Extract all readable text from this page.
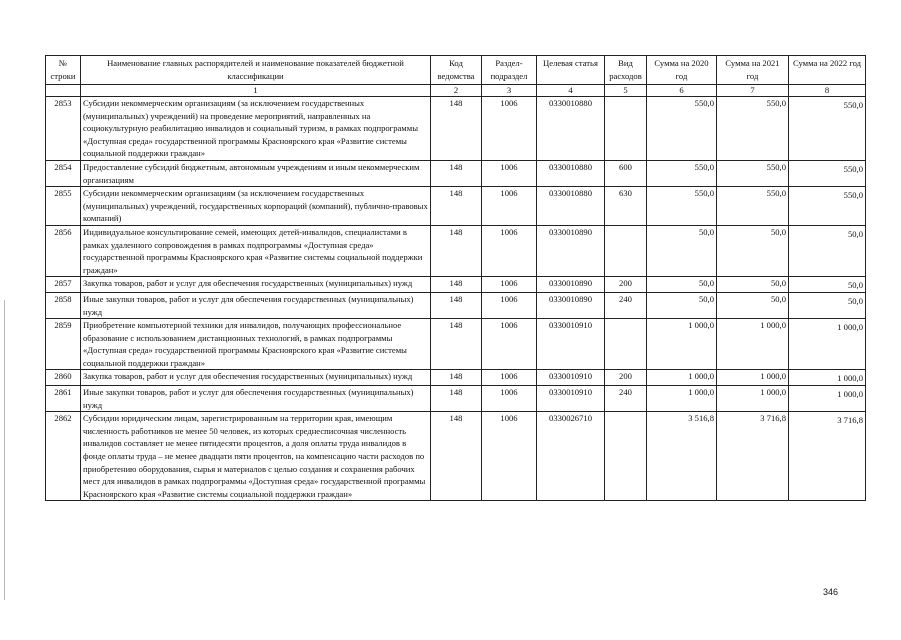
№ строки	Наименование главных распорядителей и наименование показателей бюджетной классификации	Код ведомства	Раздел-подраздел	Целевая статья	Вид расходов	Сумма на 2020 год	Сумма на 2021 год	Сумма на 2022 год
	1	2	3	4	5	6	7	8
2853	Субсидии некоммерческим организациям (за исключением государственных (муниципальных) учреждений) на проведение мероприятий, направленных на социокультурную реабилитацию инвалидов и социальный туризм, в рамках подпрограммы «Доступная среда» государственной программы Красноярского края «Развитие системы социальной поддержки граждан»	148	1006	0330010880		550,0	550,0	550,0
2854	Предоставление субсидий бюджетным, автономным учреждениям и иным некоммерческим организациям	148	1006	0330010880	600	550,0	550,0	550,0
2855	Субсидии некоммерческим организациям (за исключением государственных (муниципальных) учреждений, государственных корпораций (компаний), публично-правовых компаний)	148	1006	0330010880	630	550,0	550,0	550,0
2856	Индивидуальное консультирование семей, имеющих детей-инвалидов, специалистами в рамках удаленного сопровождения в рамках подпрограммы «Доступная среда» государственной программы Красноярского края «Развитие системы социальной поддержки граждан»	148	1006	0330010890		50,0	50,0	50,0
2857	Закупка товаров, работ и услуг для обеспечения государственных (муниципальных) нужд	148	1006	0330010890	200	50,0	50,0	50,0
2858	Иные закупки товаров, работ и услуг для обеспечения государственных (муниципальных) нужд	148	1006	0330010890	240	50,0	50,0	50,0
2859	Приобретение компьютерной техники для инвалидов, получающих профессиональное образование с использованием дистанционных технологий, в рамках подпрограммы «Доступная среда» государственной программы Красноярского края «Развитие системы социальной поддержки граждан»	148	1006	0330010910		1 000,0	1 000,0	1 000,0
2860	Закупка товаров, работ и услуг для обеспечения государственных (муниципальных) нужд	148	1006	0330010910	200	1 000,0	1 000,0	1 000,0
2861	Иные закупки товаров, работ и услуг для обеспечения государственных (муниципальных) нужд	148	1006	0330010910	240	1 000,0	1 000,0	1 000,0
2862	Субсидии юридическим лицам, зарегистрированным на территории края, имеющим численность работников не менее 50 человек, из которых среднесписочная численность инвалидов составляет не менее пятидесяти процентов, а доля оплаты труда инвалидов в фонде оплаты труда – не менее двадцати пяти процентов, на компенсацию части расходов по приобретению оборудования, сырья и материалов с целью создания и сохранения рабочих мест для инвалидов в рамках подпрограммы «Доступная среда» государственной программы Красноярского края «Развитие системы социальной поддержки граждан»	148	1006	0330026710		3 516,8	3 716,8	3 716,8
346
